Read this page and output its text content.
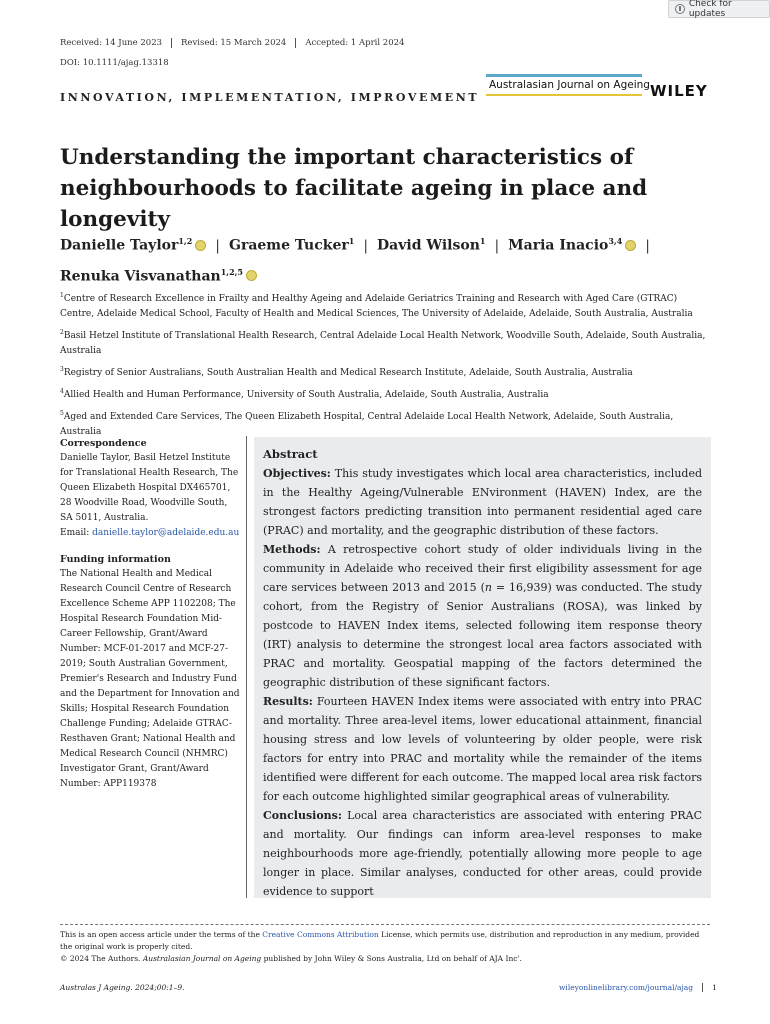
Check for updates
Received: 14 June 2023	Revised: 15 March 2024	Accepted: 1 April 2024
DOI: 10.1111/ajag.13318
INNOVATION, IMPLEMENTATION, IMPROVEMENT
Australasian Journal on Ageing WILEY
Understanding the important characteristics of
neighbourhoods to facilitate ageing in place and longevity
Danielle Taylor$^{1,2}$ | Graeme Tucker$^1$ | David Wilson$^1$ | Maria Inacio$^{3,4}$ |
Renuka Visvanathan$^{1,2,5}$

$^1$Centre of Research Excellence in Frailty and Healthy Ageing and Adelaide Geriatrics Training and Research with Aged Care (GTRAC) Centre, Adelaide Medical School, Faculty of Health and Medical Sciences, The University of Adelaide, Adelaide, South Australia, Australia

$^2$Basil Hetzel Institute of Translational Health Research, Central Adelaide Local Health Network, Woodville South, Adelaide, South Australia, Australia

$^3$Registry of Senior Australians, South Australian Health and Medical Research Institute, Adelaide, South Australia, Australia

$^4$Allied Health and Human Performance, University of South Australia, Adelaide, South Australia, Australia

$^5$Aged and Extended Care Services, The Queen Elizabeth Hospital, Central Adelaide Local Health Network, Adelaide, South Australia, Australia

Correspondence

Danielle Taylor, Basil Hetzel Institute for Translational Health Research, The Queen Elizabeth Hospital DX465701, 28 Woodville Road, Woodville South, SA 5011, Australia.

Email: danielle.taylor@adelaide.edu.au

Funding information

The National Health and Medical Research Council Centre of Research Excellence Scheme APP 1102208; The Hospital Research Foundation Mid-Career Fellowship, Grant/Award Number: MCF-01-2017 and MCF-27-2019; South Australian Government, Premier's Research and Industry Fund and the Department for Innovation and Skills; Hospital Research Foundation Challenge Funding; Adelaide GTRAC-Resthaven Grant; National Health and Medical Research Council (NHMRC) Investigator Grant, Grant/Award Number: APP119378

Abstract

Objectives: This study investigates which local area characteristics, included in the Healthy Ageing/Vulnerable ENvironment (HAVEN) Index, are the strongest factors predicting transition into permanent residential aged care (PRAC) and mortality, and the geographic distribution of these factors.

Methods: A retrospective cohort study of older individuals living in the community in Adelaide who received their first eligibility assessment for age care services between 2013 and 2015 (n = 16,939) was conducted. The study cohort, from the Registry of Senior Australians (ROSA), was linked by postcode to HAVEN Index items, selected following item response theory (IRT) analysis to determine the strongest local area factors associated with PRAC and mortality. Geospatial mapping of the factors determined the geographic distribution of these significant factors.

Results: Fourteen HAVEN Index items were associated with entry into PRAC and mortality. Three area-level items, lower educational attainment, financial housing stress and low levels of volunteering by older people, were risk factors for entry into PRAC and mortality while the remainder of the items identified were different for each outcome. The mapped local area risk factors for each outcome highlighted similar geographical areas of vulnerability.

Conclusions: Local area characteristics are associated with entering PRAC and mortality. Our findings can inform area-level responses to make neighbourhoods more age-friendly, potentially allowing more people to age longer in place. Similar analyses, conducted for other areas, could provide evidence to support

This is an open access article under the terms of the Creative Commons Attribution License, which permits use, distribution and reproduction in any medium, provided the original work is properly cited.

© 2024 The Authors. Australasian Journal on Ageing published by John Wiley & Sons Australia, Ltd on behalf of AJA Inc'.

Australas J Ageing. 2024;00:1–9.	wileyonlinelibrary.com/journal/ajag	1
